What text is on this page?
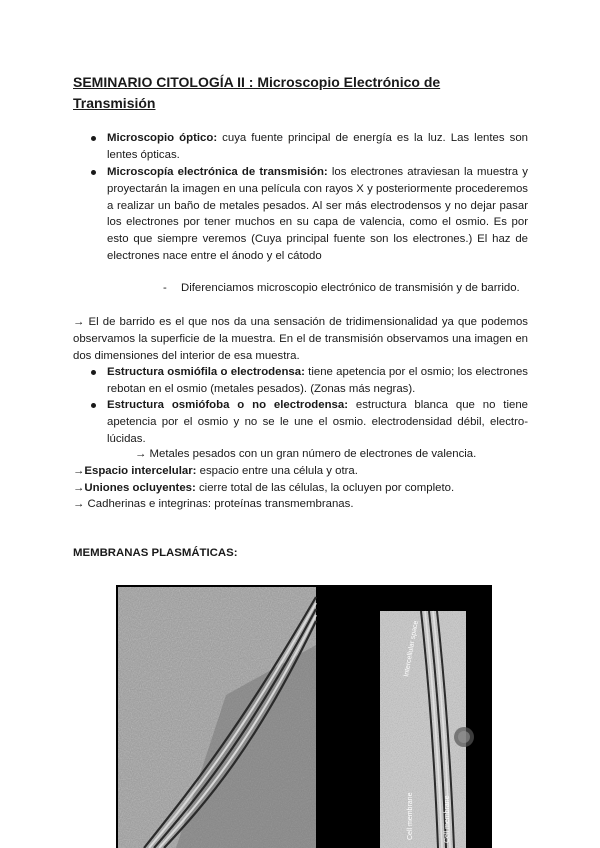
SEMINARIO CITOLOGÍA II : Microscopio Electrónico de Transmisión
Microscopio óptico: cuya fuente principal de energía es la luz. Las lentes son lentes ópticas.
Microscopía electrónica de transmisión: los electrones atraviesan la muestra y proyectarán la imagen en una película con rayos X y posteriormente procederemos a realizar un baño de metales pesados. Al ser más electrodensos y no dejar pasar los electrones por tener muchos en su capa de valencia, como el osmio. Es por esto que siempre veremos (Cuya principal fuente son los electrones.) El haz de electrones nace entre el ánodo y el cátodo
- Diferenciamos microscopio electrónico de transmisión y de barrido.
→ El de barrido es el que nos da una sensación de tridimensionalidad ya que podemos observamos la superficie de la muestra. En el de transmisión observamos una imagen en dos dimensiones del interior de esa muestra.
Estructura osmiófila o electrodensa: tiene apetencia por el osmio; los electrones rebotan en el osmio (metales pesados). (Zonas más negras).
Estructura osmiófoba o no electrodensa: estructura blanca que no tiene apetencia por el osmio y no se le une el osmio. electrodensidad débil, electro-lúcidas.
→ Metales pesados con un gran número de electrones de valencia.
→Espacio intercelular: espacio entre una célula y otra.
→Uniones ocluyentes: cierre total de las células, la ocluyen por completo.
→ Cadherinas e integrinas: proteínas transmembranas.
MEMBRANAS PLASMÁTICAS:
Intercellular space
Cell membrane	Cell membrane
